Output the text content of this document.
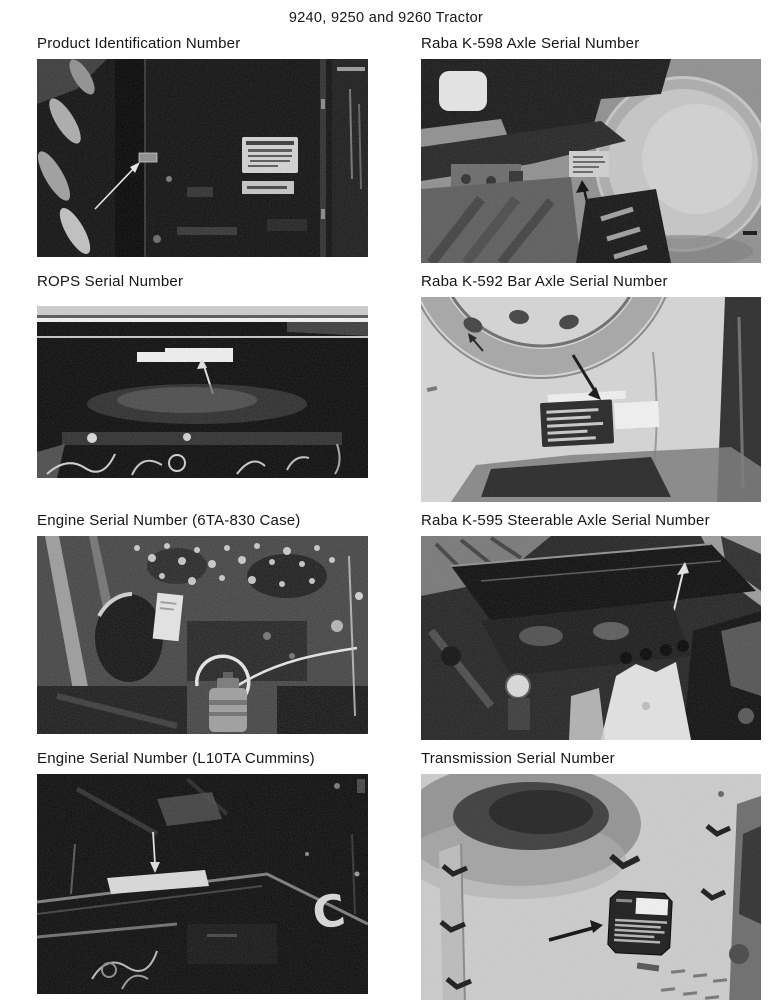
9240, 9250 and 9260 Tractor
Product Identification Number	Raba K-598 Axle Serial Number
ROPS Serial Number	Raba K-592 Bar Axle Serial Number
Engine Serial Number (6TA-830 Case)	Raba K-595 Steerable Axle Serial Number
Engine Serial Number (L10TA Cummins)
C
Transmission Serial Number
